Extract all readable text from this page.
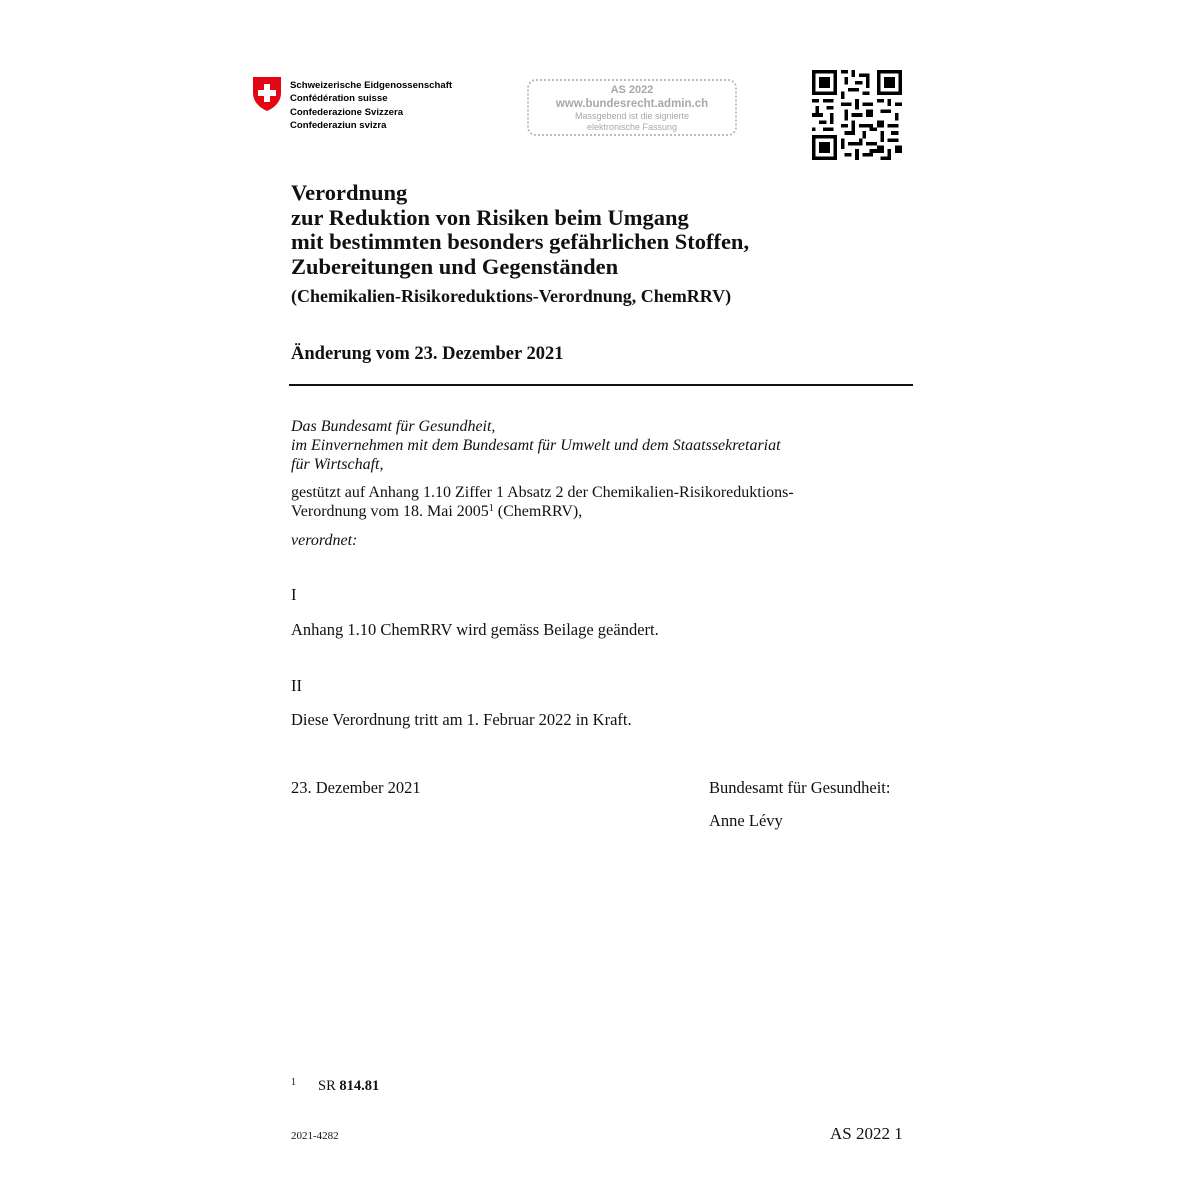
Schweizerische Eidgenossenschaft
Confédération suisse
Confederazione Svizzera
Confederaziun svizra
AS 2022
www.bundesrecht.admin.ch
Massgebend ist die signierte
elektronische Fassung
Verordnung
zur Reduktion von Risiken beim Umgang
mit bestimmten besonders gefährlichen Stoffen,
Zubereitungen und Gegenständen
(Chemikalien-Risikoreduktions-Verordnung, ChemRRV)
Änderung vom 23. Dezember 2021
Das Bundesamt für Gesundheit,
im Einvernehmen mit dem Bundesamt für Umwelt und dem Staatssekretariat
für Wirtschaft,
gestützt auf Anhang 1.10 Ziffer 1 Absatz 2 der Chemikalien-Risikoreduktions-
Verordnung vom 18. Mai 2005$^1$ (ChemRRV),
verordnet:
I
Anhang 1.10 ChemRRV wird gemäss Beilage geändert.
II
Diese Verordnung tritt am 1. Februar 2022 in Kraft.
23. Dezember 2021	Bundesamt für Gesundheit:
Anne Lévy
$^1$ SR 814.81
2021-4282	AS 2022 1
